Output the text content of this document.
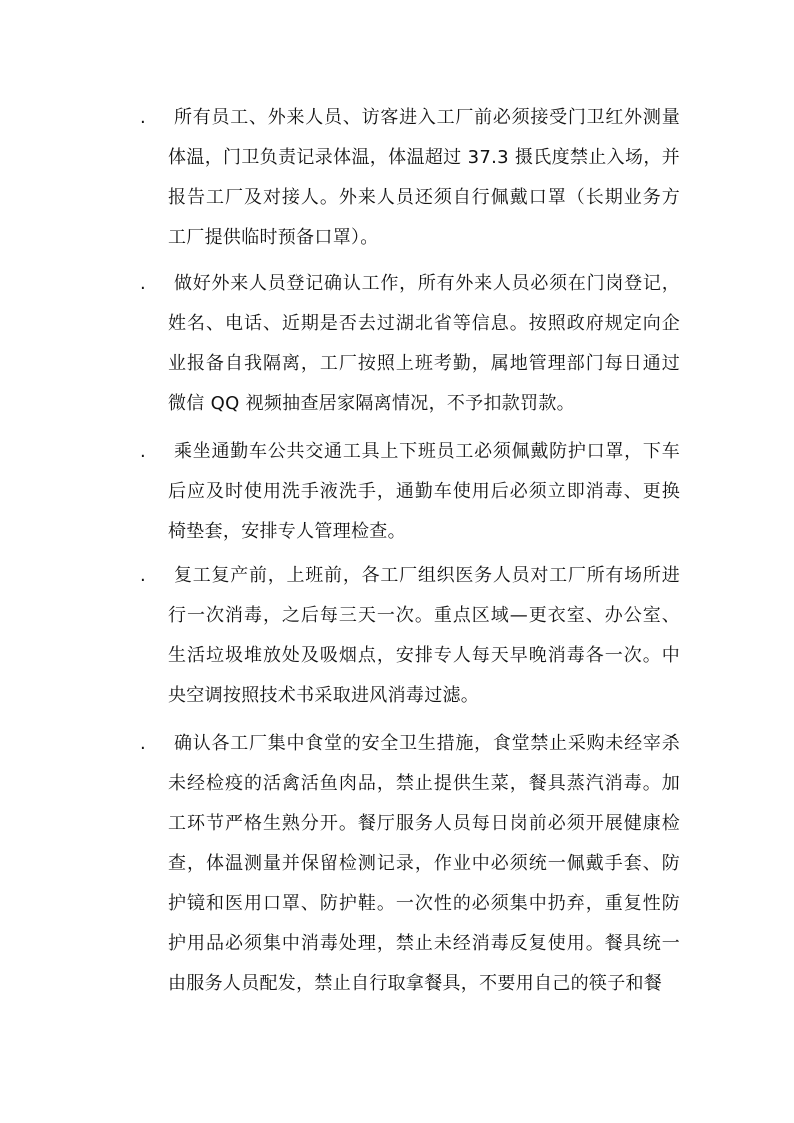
.	所有员工、外来人员、访客进入工厂前必须接受门卫红外测量体温，门卫负责记录体温，体温超过 37.3 摄氏度禁止入场，并报告工厂及对接人。外来人员还须自行佩戴口罩（长期业务方工厂提供临时预备口罩）。
.	做好外来人员登记确认工作，所有外来人员必须在门岗登记，姓名、电话、近期是否去过湖北省等信息。按照政府规定向企业报备自我隔离，工厂按照上班考勤，属地管理部门每日通过微信 QQ 视频抽查居家隔离情况，不予扣款罚款。
.	乘坐通勤车公共交通工具上下班员工必须佩戴防护口罩，下车后应及时使用洗手液洗手，通勤车使用后必须立即消毒、更换椅垫套，安排专人管理检查。
.	复工复产前，上班前，各工厂组织医务人员对工厂所有场所进行一次消毒，之后每三天一次。重点区域—更衣室、办公室、生活垃圾堆放处及吸烟点，安排专人每天早晚消毒各一次。中央空调按照技术书采取进风消毒过滤。
.	确认各工厂集中食堂的安全卫生措施，食堂禁止采购未经宰杀未经检疫的活禽活鱼肉品，禁止提供生菜，餐具蒸汽消毒。加工环节严格生熟分开。餐厅服务人员每日岗前必须开展健康检查，体温测量并保留检测记录，作业中必须统一佩戴手套、防护镜和医用口罩、防护鞋。一次性的必须集中扔弃，重复性防护用品必须集中消毒处理，禁止未经消毒反复使用。餐具统一由服务人员配发，禁止自行取拿餐具，不要用自己的筷子和餐
